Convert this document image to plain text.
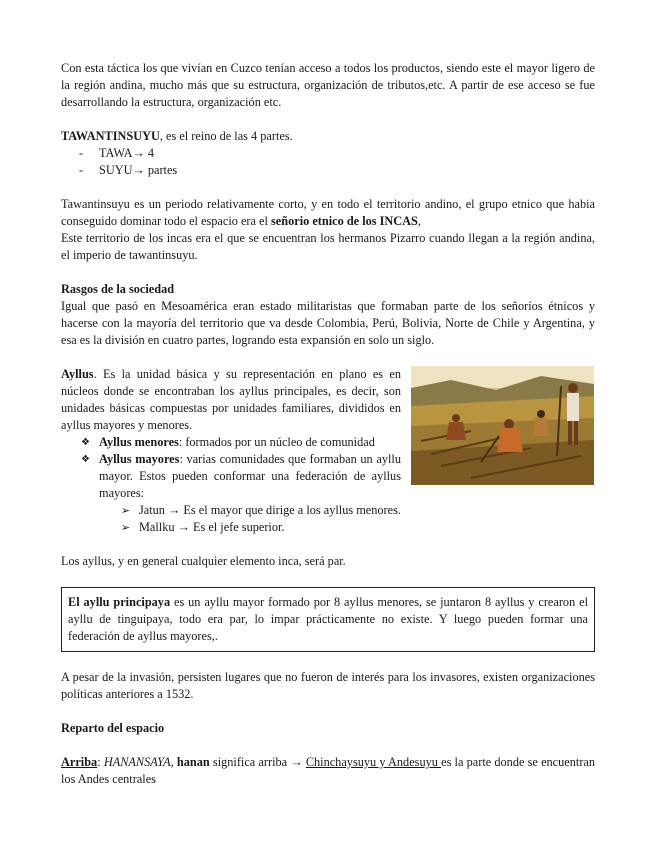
Con esta táctica los que vivían en Cuzco tenían acceso a todos los productos, siendo este el mayor ligero de la región andina, mucho más que su estructura, organización de tributos,etc. A partir de ese acceso se fue desarrollando la estructura, organización etc.

TAWANTINSUYU, es el reino de las 4 partes.

- TAWA→ 4
- SUYU→ partes

Tawantinsuyu es un periodo relativamente corto, y en todo el territorio andino, el grupo etnico que habia conseguido dominar todo el espacio era el señorio etnico de los INCAS,

Este territorio de los incas era el que se encuentran los hermanos Pizarro cuando llegan a la región andina, el imperio de tawantinsuyu.

Rasgos de la sociedad

Igual que pasó en Mesoamérica eran estado militaristas que formaban parte de los señoríos étnicos y hacerse con la mayoría del territorio que va desde Colombia, Perú, Bolivia, Norte de Chile y Argentina, y esa es la división en cuatro partes, logrando esta expansión en solo un siglo.

Ayllus. Es la unidad básica y su representación en plano es en núcleos donde se encontraban los ayllus principales, es decir, son unidades básicas compuestas por unidades familiares, divididos en ayllus mayores y menores.

❖ Ayllus menores: formados por un núcleo de comunidad
❖ Ayllus mayores: varias comunidades que formaban un ayllu mayor. Estos pueden conformar una federación de ayllus mayores:
➢ Jatun → Es el mayor que dirige a los ayllus menores.
➢ Mallku → Es el jefe superior.

Los ayllus, y en general cualquier elemento inca, será par.

El ayllu principaya es un ayllu mayor formado por 8 ayllus menores, se juntaron 8 ayllus y crearon el ayllu de tinguipaya, todo era par, lo impar prácticamente no existe. Y luego pueden formar una federación de ayllus mayores,.

A pesar de la invasión, persisten lugares que no fueron de interés para los invasores, existen organizaciones políticas anteriores a 1532.

Reparto del espacio

Arriba: HANANSAYA, hanan significa arriba → Chinchaysuyu y Andesuyu es la parte donde se encuentran los Andes centrales
